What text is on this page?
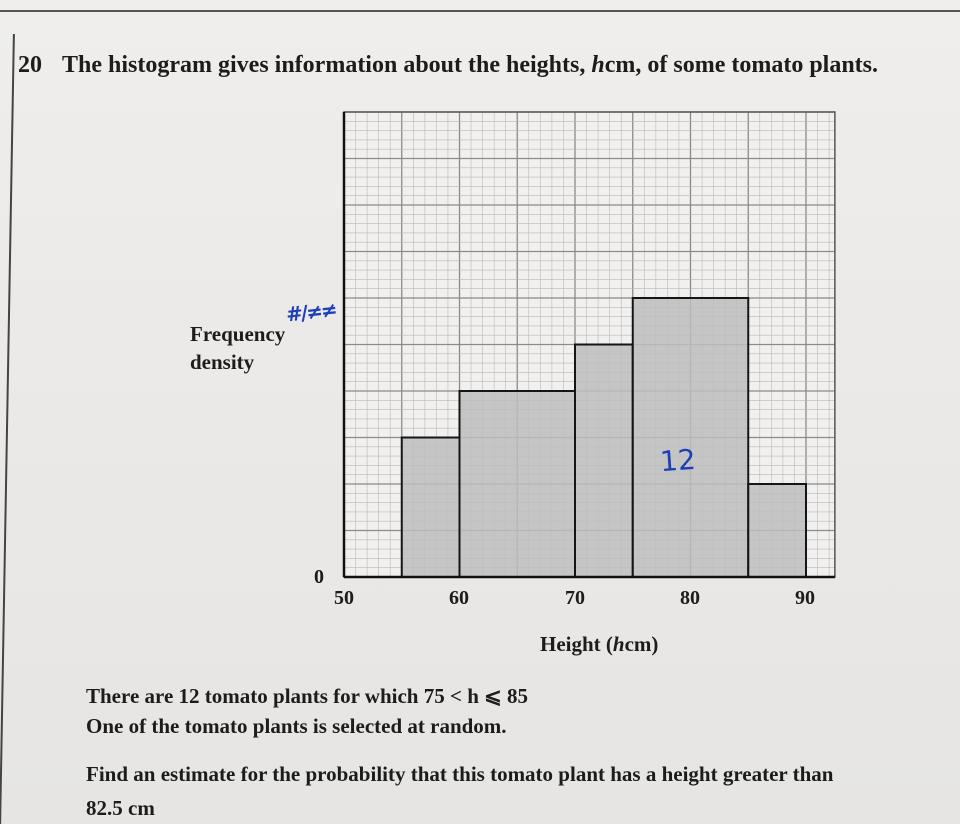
20 The histogram gives information about the heights, hcm, of some tomato plants.
Frequency
density
#/≠≠
12
0
50	60	70	80	90
Height (hcm)
There are 12 tomato plants for which 75 < h ⩽ 85
One of the tomato plants is selected at random.
Find an estimate for the probability that this tomato plant has a height greater than
82.5 cm
